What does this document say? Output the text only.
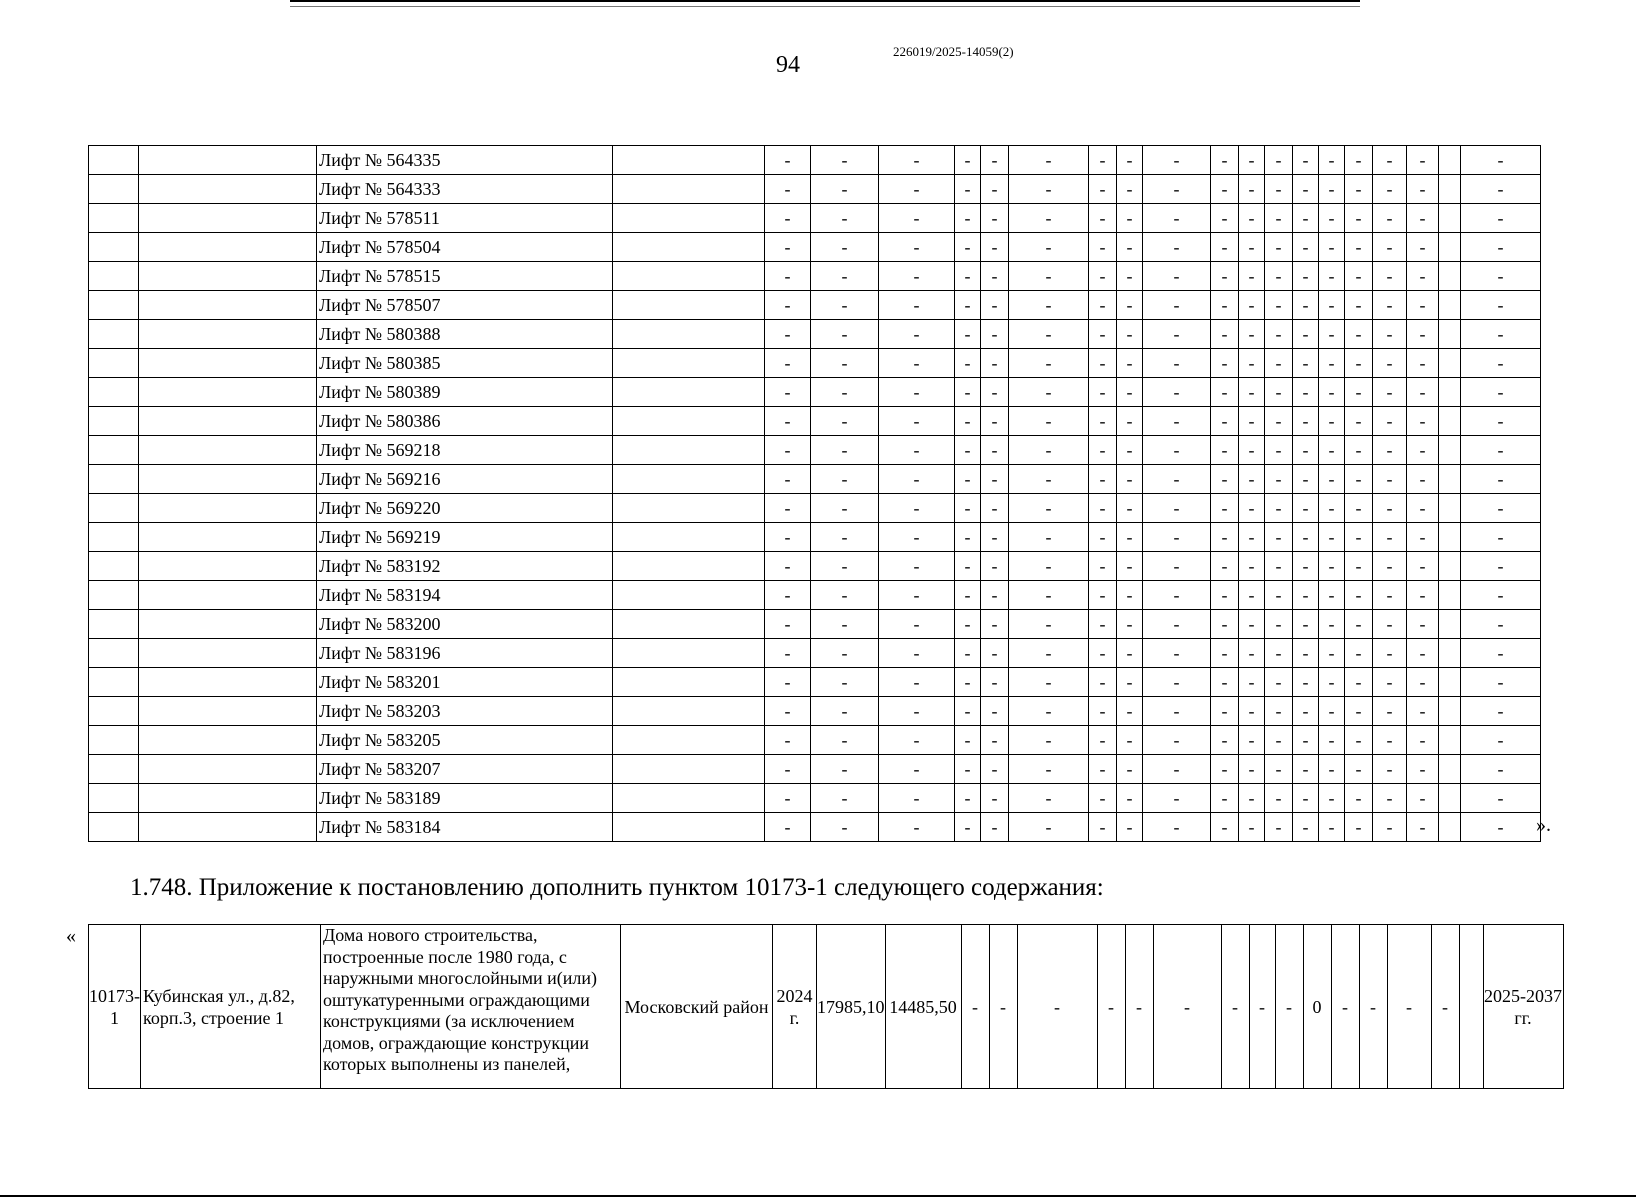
94
226019/2025-14059(2)
		Лифт № 564335		-	-	-	-	-	-	-	-	-	-	-	-	-	-	-	-	-		-
		Лифт № 564333		-	-	-	-	-	-	-	-	-	-	-	-	-	-	-	-	-		-
		Лифт № 578511		-	-	-	-	-	-	-	-	-	-	-	-	-	-	-	-	-		-
		Лифт № 578504		-	-	-	-	-	-	-	-	-	-	-	-	-	-	-	-	-		-
		Лифт № 578515		-	-	-	-	-	-	-	-	-	-	-	-	-	-	-	-	-		-
		Лифт № 578507		-	-	-	-	-	-	-	-	-	-	-	-	-	-	-	-	-		-
		Лифт № 580388		-	-	-	-	-	-	-	-	-	-	-	-	-	-	-	-	-		-
		Лифт № 580385		-	-	-	-	-	-	-	-	-	-	-	-	-	-	-	-	-		-
		Лифт № 580389		-	-	-	-	-	-	-	-	-	-	-	-	-	-	-	-	-		-
		Лифт № 580386		-	-	-	-	-	-	-	-	-	-	-	-	-	-	-	-	-		-
		Лифт № 569218		-	-	-	-	-	-	-	-	-	-	-	-	-	-	-	-	-		-
		Лифт № 569216		-	-	-	-	-	-	-	-	-	-	-	-	-	-	-	-	-		-
		Лифт № 569220		-	-	-	-	-	-	-	-	-	-	-	-	-	-	-	-	-		-
		Лифт № 569219		-	-	-	-	-	-	-	-	-	-	-	-	-	-	-	-	-		-
		Лифт № 583192		-	-	-	-	-	-	-	-	-	-	-	-	-	-	-	-	-		-
		Лифт № 583194		-	-	-	-	-	-	-	-	-	-	-	-	-	-	-	-	-		-
		Лифт № 583200		-	-	-	-	-	-	-	-	-	-	-	-	-	-	-	-	-		-
		Лифт № 583196		-	-	-	-	-	-	-	-	-	-	-	-	-	-	-	-	-		-
		Лифт № 583201		-	-	-	-	-	-	-	-	-	-	-	-	-	-	-	-	-		-
		Лифт № 583203		-	-	-	-	-	-	-	-	-	-	-	-	-	-	-	-	-		-
		Лифт № 583205		-	-	-	-	-	-	-	-	-	-	-	-	-	-	-	-	-		-
		Лифт № 583207		-	-	-	-	-	-	-	-	-	-	-	-	-	-	-	-	-		-
		Лифт № 583189		-	-	-	-	-	-	-	-	-	-	-	-	-	-	-	-	-		-
		Лифт № 583184		-	-	-	-	-	-	-	-	-	-	-	-	-	-	-	-	-		- ».
1.748. Приложение к постановлению дополнить пунктом 10173-1 следующего содержания:
«
10173-1	Кубинская ул., д.82, корп.3, строение 1	Дома нового строительства, построенные после 1980 года, с наружными многослойными и(или) оштукатуренными ограждающими конструкциями (за исключением домов, ограждающие конструкции которых выполнены из панелей,	Московский район	2024 г.	17985,10	14485,50	-	-	-	-	-	-	-	-	-	0	-	-	-	-		2025-2037 гг.
